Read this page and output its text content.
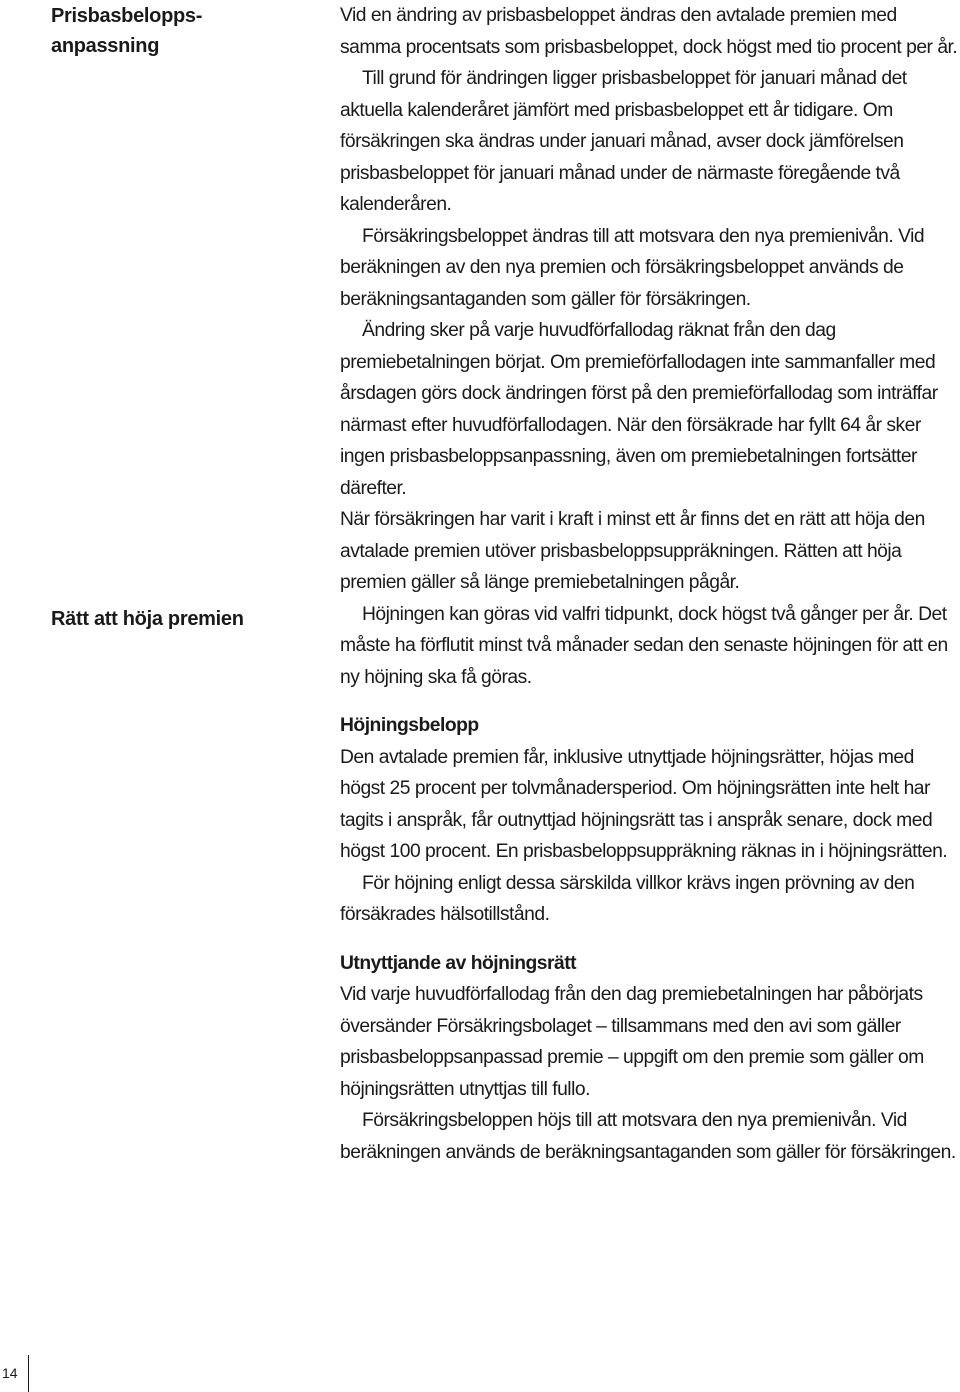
Prisbasbelopps-
anpassning
Rätt att höja premien

Vid en ändring av prisbasbeloppet ändras den avtalade premien med samma procentsats som prisbasbeloppet, dock högst med tio procent per år.

Till grund för ändringen ligger prisbasbeloppet för januari månad det aktuella kalenderåret jämfört med prisbasbeloppet ett år tidigare. Om försäkringen ska ändras under januari månad, avser dock jämförelsen prisbasbeloppet för januari månad under de närmaste föregående två kalenderåren.

Försäkringsbeloppet ändras till att motsvara den nya premienivån. Vid beräkningen av den nya premien och försäkringsbeloppet används de beräkningsantaganden som gäller för försäkringen.

Ändring sker på varje huvudförfallodag räknat från den dag premiebetalningen börjat. Om premieförfallodagen inte sammanfaller med årsdagen görs dock ändringen först på den premieförfallodag som inträffar närmast efter huvudförfallodagen. När den försäkrade har fyllt 64 år sker ingen prisbasbeloppsanpassning, även om premiebetalningen fortsätter därefter.

När försäkringen har varit i kraft i minst ett år finns det en rätt att höja den avtalade premien utöver prisbasbeloppsuppräkningen. Rätten att höja premien gäller så länge premiebetalningen pågår.

Höjningen kan göras vid valfri tidpunkt, dock högst två gånger per år. Det måste ha förflutit minst två månader sedan den senaste höjningen för att en ny höjning ska få göras.

Höjningsbelopp

Den avtalade premien får, inklusive utnyttjade höjningsrätter, höjas med högst 25 procent per tolvmånadersperiod. Om höjningsrätten inte helt har tagits i anspråk, får outnyttjad höjningsrätt tas i anspråk senare, dock med högst 100 procent. En prisbasbeloppsuppräkning räknas in i höjningsrätten.

För höjning enligt dessa särskilda villkor krävs ingen prövning av den försäkrades hälsotillstånd.

Utnyttjande av höjningsrätt

Vid varje huvudförfallodag från den dag premiebetalningen har påbörjats översänder Försäkringsbolaget – tillsammans med den avi som gäller prisbasbeloppsanpassad premie – uppgift om den premie som gäller om höjningsrätten utnyttjas till fullo.

Försäkringsbeloppen höjs till att motsvara den nya premienivån. Vid beräkningen används de beräkningsantaganden som gäller för försäkringen.

14
